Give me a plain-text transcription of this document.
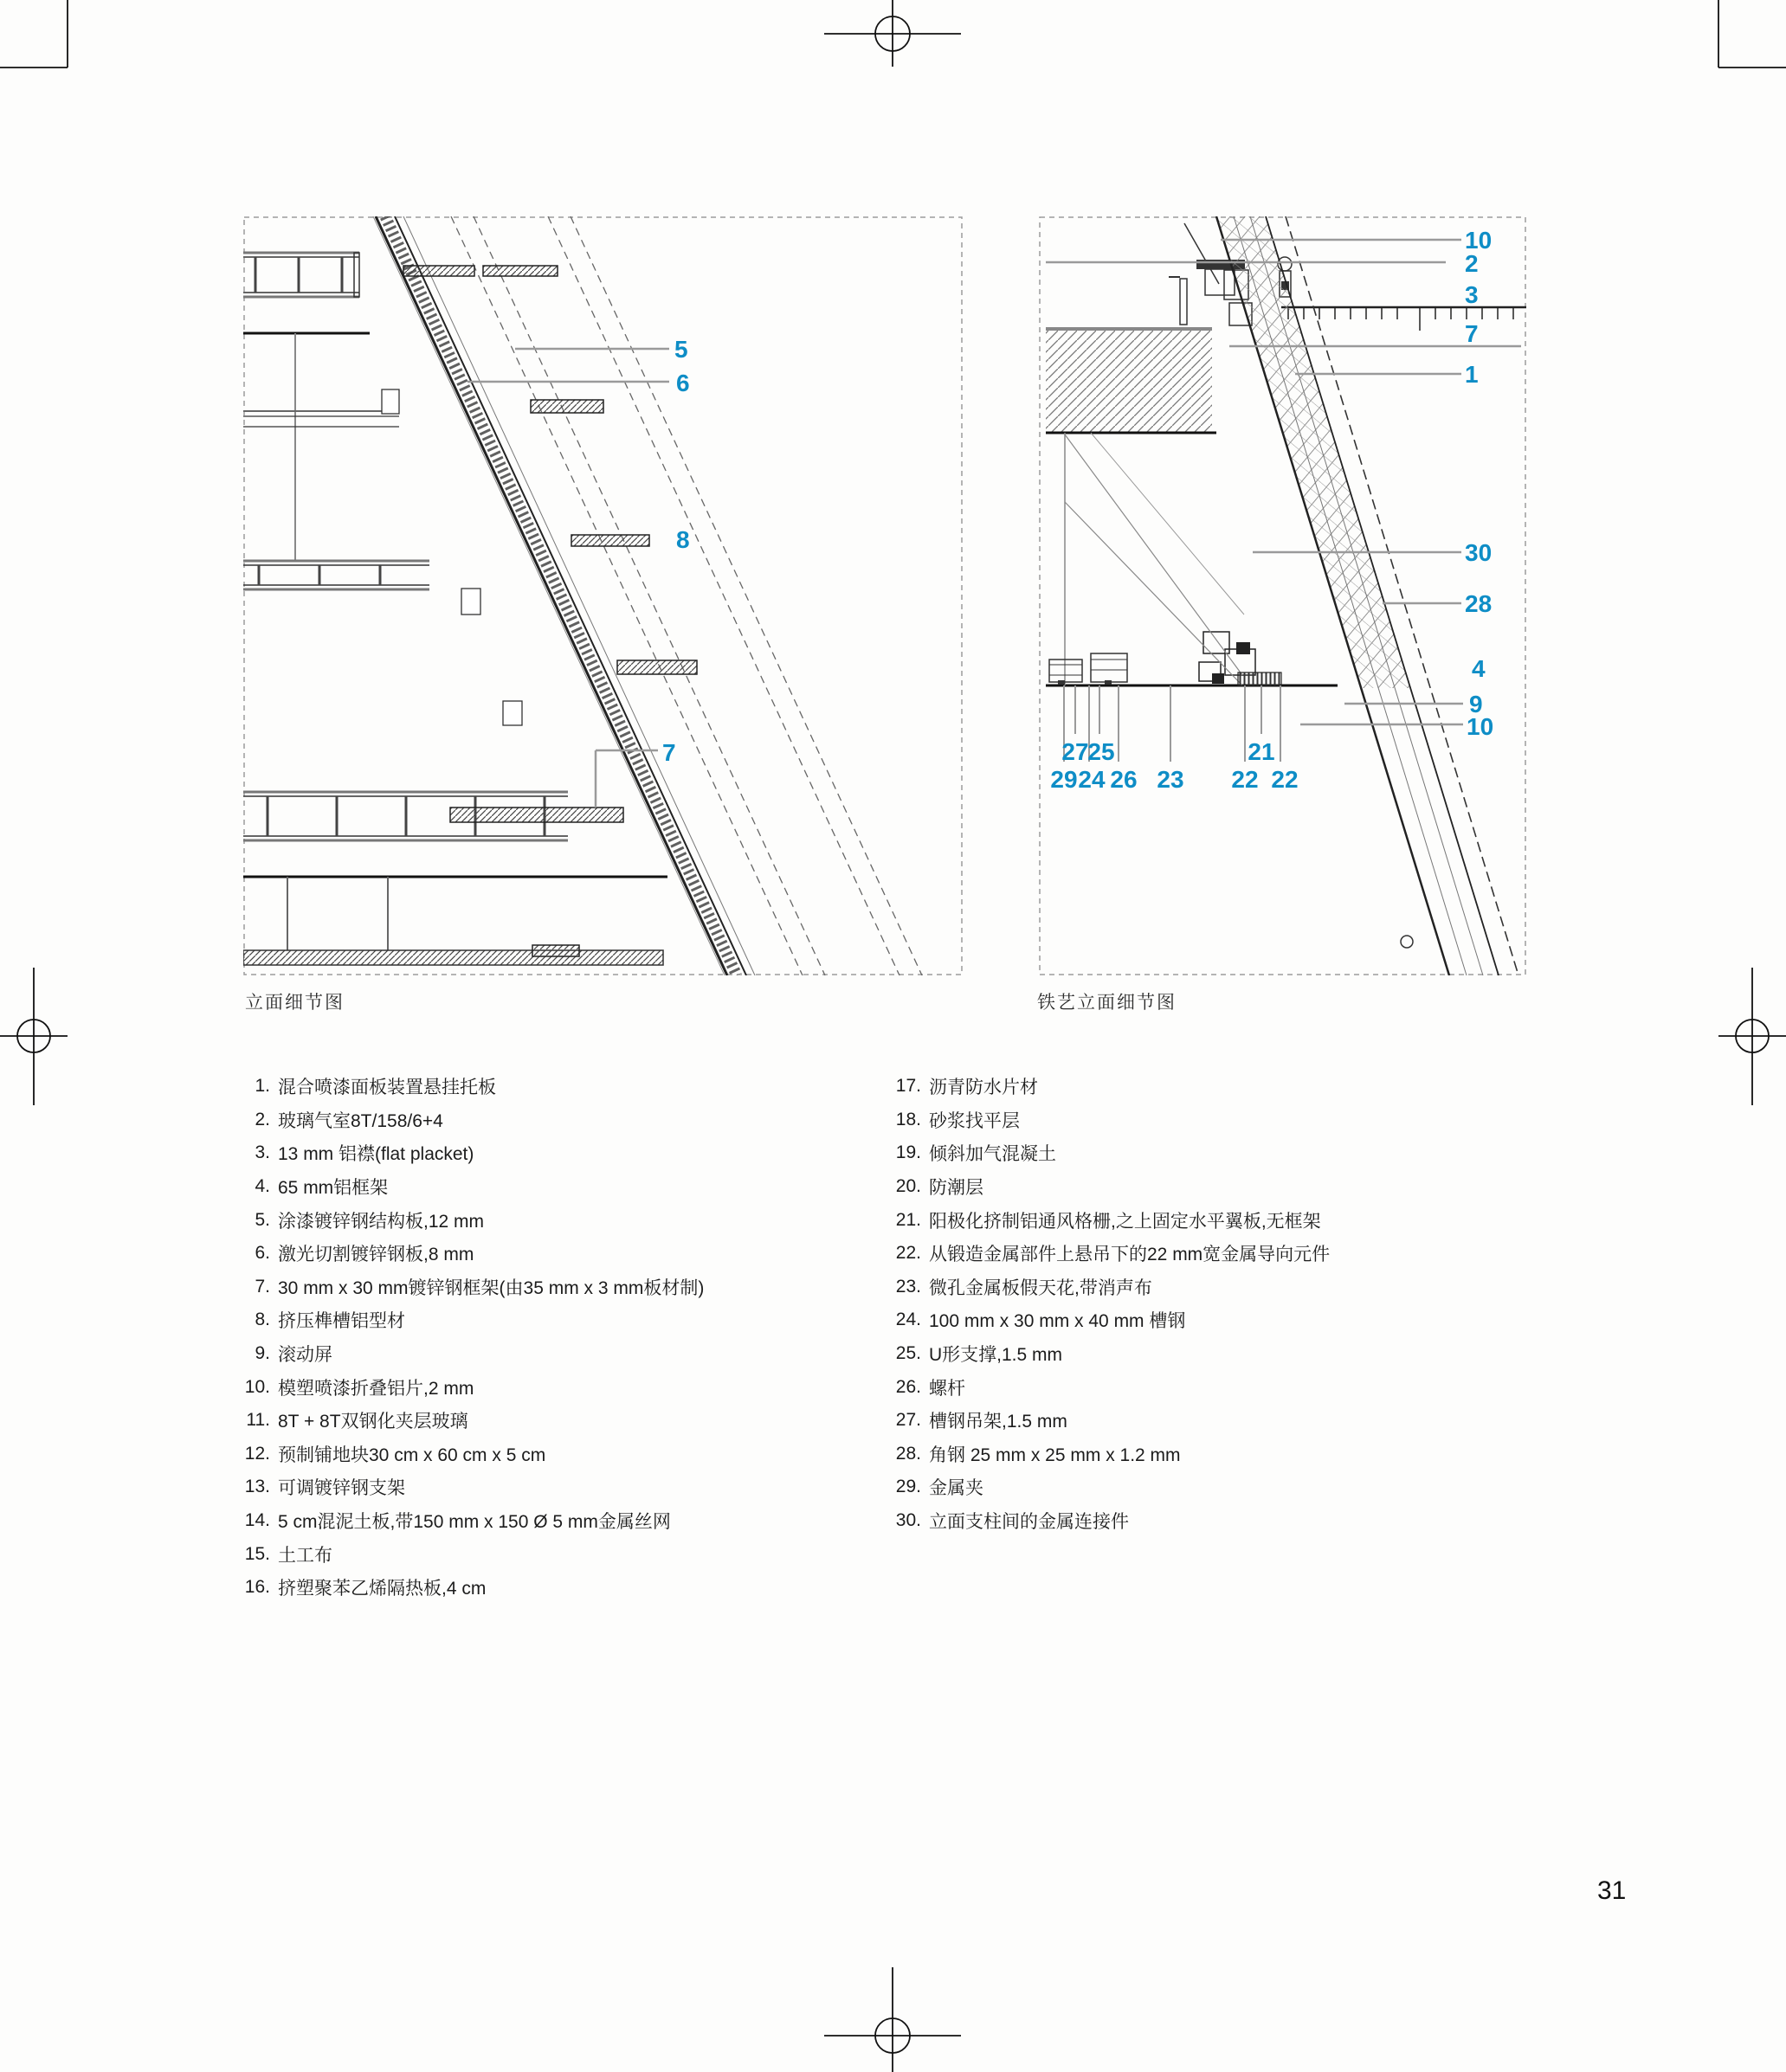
5
6
8
7
立面细节图
10
2
3
7
1
30
28
4
9
10
27
25	21
29 24 26 23 22 22
铁艺立面细节图
1. 混合喷漆面板装置悬挂托板
2. 玻璃气室8T/158/6+4
3. 13 mm 铝襟(flat placket)
4. 65 mm铝框架
5. 涂漆镀锌钢结构板,12 mm
6. 激光切割镀锌钢板,8 mm
7. 30 mm x 30 mm镀锌钢框架(由35 mm x 3 mm板材制)
8. 挤压榫槽铝型材
9. 滚动屏
10. 模塑喷漆折叠铝片,2 mm
11. 8T + 8T双钢化夹层玻璃
12. 预制铺地块30 cm x 60 cm x 5 cm
13. 可调镀锌钢支架
14. 5 cm混泥土板,带150 mm x 150 Ø 5 mm金属丝网
15. 土工布
16. 挤塑聚苯乙烯隔热板,4 cm
17. 沥青防水片材
18. 砂浆找平层
19. 倾斜加气混凝土
20. 防潮层
21. 阳极化挤制铝通风格栅,之上固定水平翼板,无框架
22. 从锻造金属部件上悬吊下的22 mm宽金属导向元件
23. 微孔金属板假天花,带消声布
24. 100 mm x 30 mm x 40 mm 槽钢
25. U形支撑,1.5 mm
26. 螺杆
27. 槽钢吊架,1.5 mm
28. 角钢 25 mm x 25 mm x 1.2 mm
29. 金属夹
30. 立面支柱间的金属连接件
31
